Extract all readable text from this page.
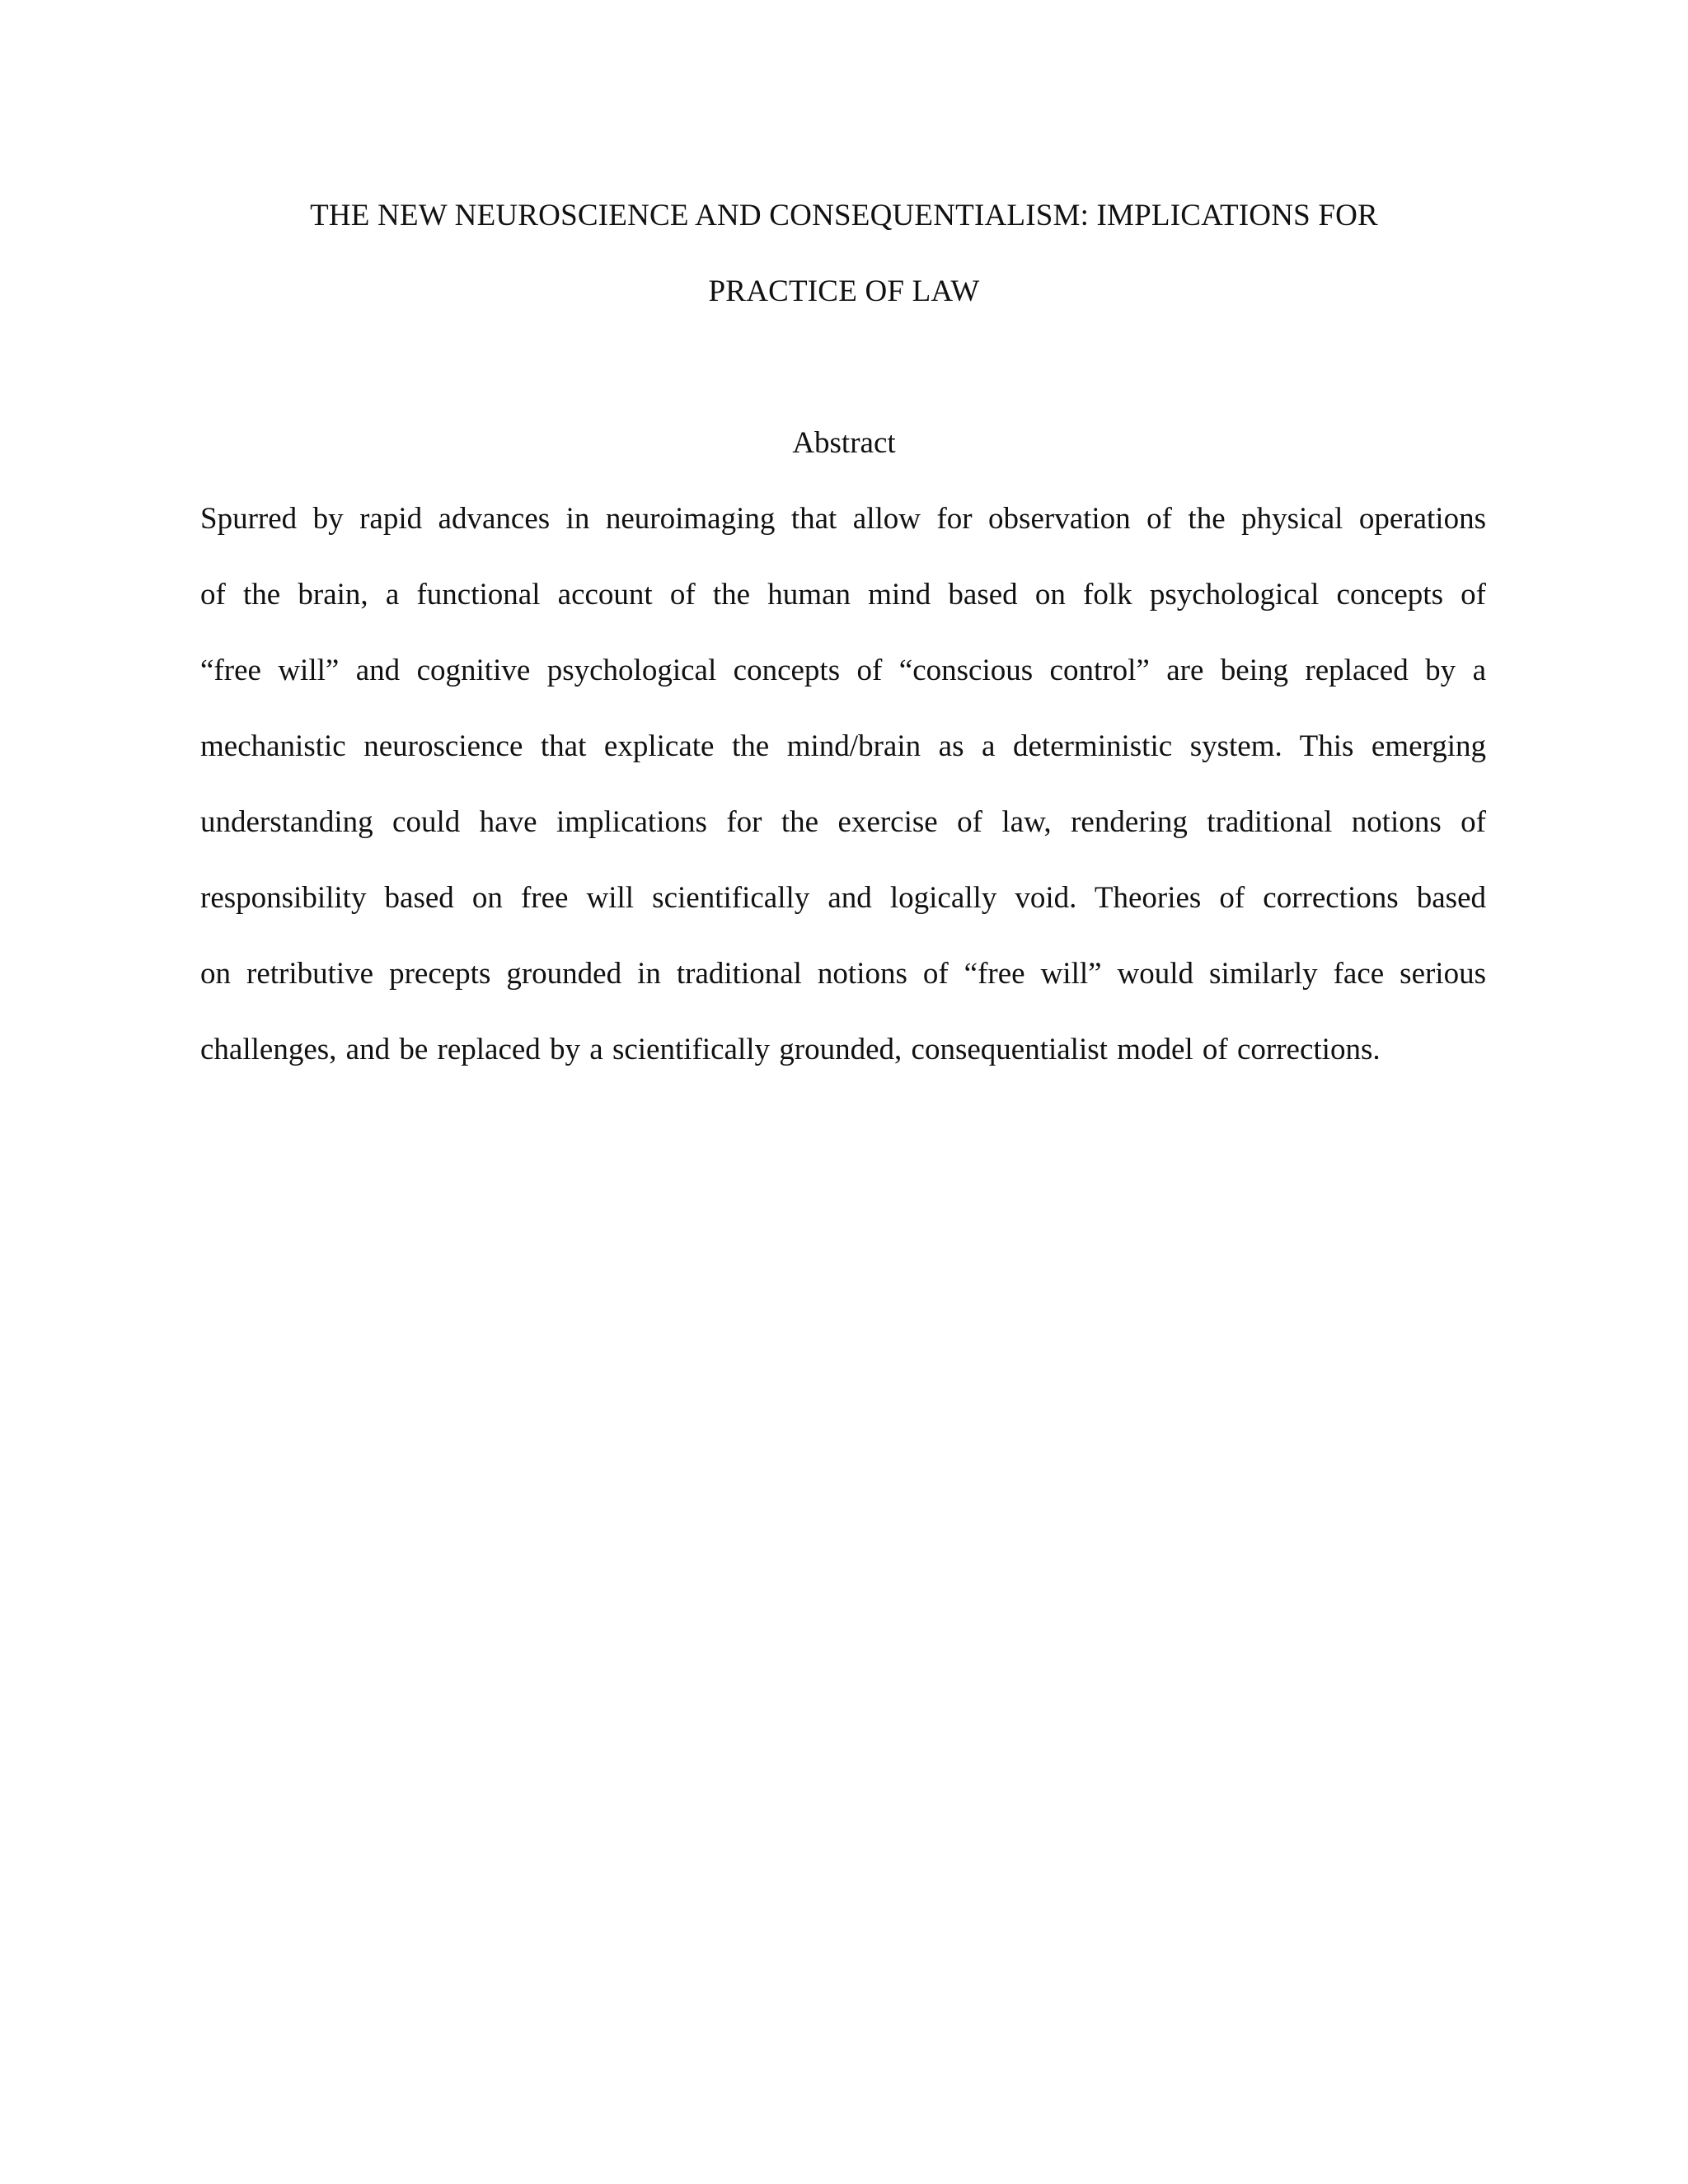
THE NEW NEUROSCIENCE AND CONSEQUENTIALISM: IMPLICATIONS FOR
PRACTICE OF LAW
Abstract
Spurred by rapid advances in neuroimaging that allow for observation of the physical operations
of the brain, a functional account of the human mind based on folk psychological concepts of
“free will” and cognitive psychological concepts of “conscious control” are being replaced by a
mechanistic neuroscience that explicate the mind/brain as a deterministic system. This emerging
understanding could have implications for the exercise of law, rendering traditional notions of
responsibility based on free will scientifically and logically void. Theories of corrections based
on retributive precepts grounded in traditional notions of “free will” would similarly face serious
challenges, and be replaced by a scientifically grounded, consequentialist model of corrections.
